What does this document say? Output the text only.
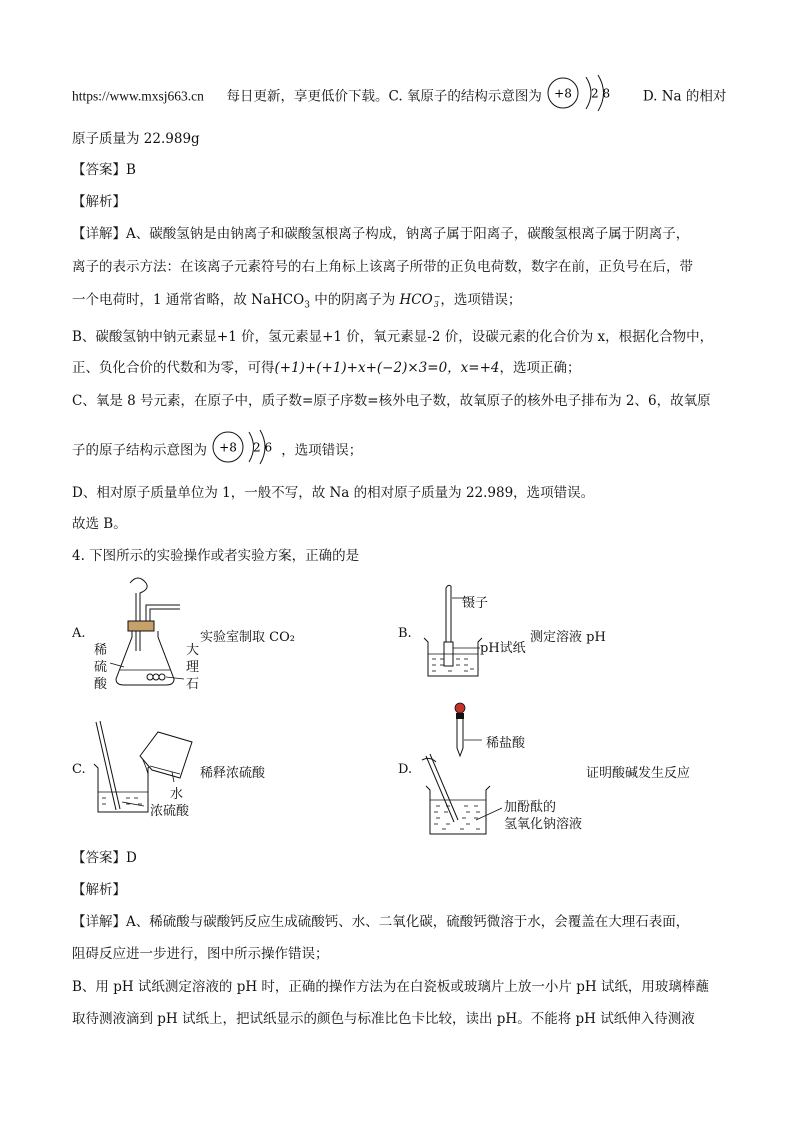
https://www.mxsj663.cn 每日更新，享更低价下载。C. 氧原子的结构示意图为 +8 2 8 D. Na 的相对
原子质量为 22.989g
【答案】B
【解析】
【详解】A、碳酸氢钠是由钠离子和碳酸氢根离子构成，钠离子属于阳离子，碳酸氢根离子属于阴离子，
离子的表示方法：在该离子元素符号的右上角标上该离子所带的正负电荷数，数字在前，正负号在后，带
一个电荷时，1 通常省略，故 NaHCO$_3$ 中的阴离子为 HCO −
3 ，选项错误；
B、碳酸氢钠中钠元素显+1 价，氢元素显+1 价，氧元素显-2 价，设碳元素的化合价为 x，根据化合物中，
正、负化合价的代数和为零，可得(+1)+(+1)+x+(−2)×3=0，x=+4，选项正确；
C、氧是 8 号元素，在原子中，质子数=原子序数=核外电子数，故氧原子的核外电子排布为 2、6，故氧原
子的原子结构示意图为 +8 2 6 ，选项错误；
D、相对原子质量单位为 1，一般不写，故 Na 的相对原子质量为 22.989，选项错误。
故选 B。
4. 下图所示的实验操作或者实验方案，正确的是
A.
稀
硫
酸
大
理
石
实验室制取 CO₂	B.
镊子
pH试纸
测定溶液 pH
C.	稀释浓硫酸
水
浓硫酸
D.
稀盐酸
加酚酞的
氢氧化钠溶液
证明酸碱发生反应
【答案】D
【解析】
【详解】A、稀硫酸与碳酸钙反应生成硫酸钙、水、二氧化碳，硫酸钙微溶于水，会覆盖在大理石表面，
阻碍反应进一步进行，图中所示操作错误；
B、用 pH 试纸测定溶液的 pH 时，正确的操作方法为在白瓷板或玻璃片上放一小片 pH 试纸，用玻璃棒蘸
取待测液滴到 pH 试纸上，把试纸显示的颜色与标准比色卡比较，读出 pH。不能将 pH 试纸伸入待测液
